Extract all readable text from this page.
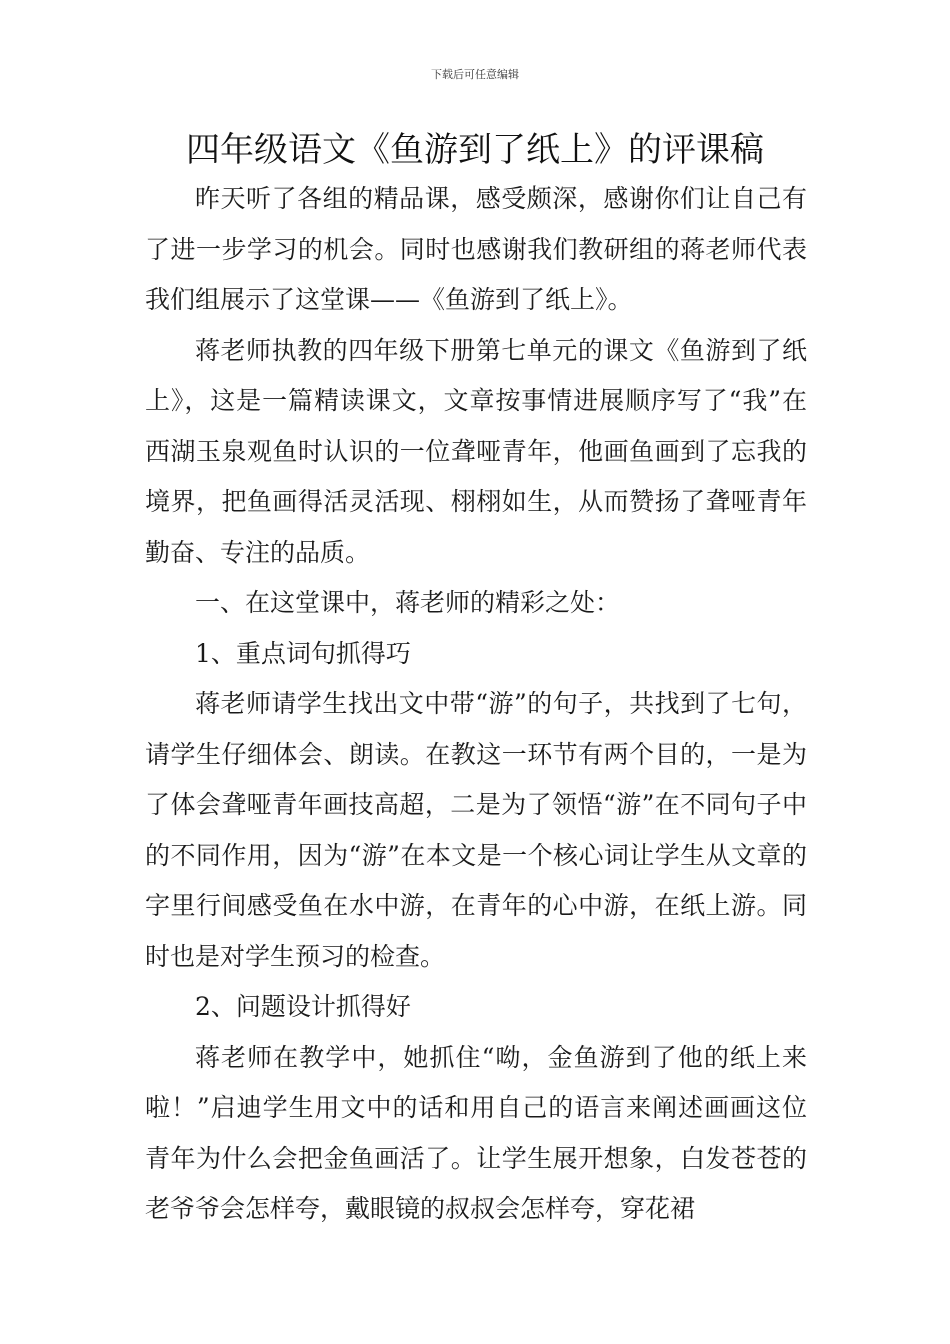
下载后可任意编辑
四年级语文《鱼游到了纸上》的评课稿

昨天听了各组的精品课，感受颇深，感谢你们让自己有了进一步学习的机会。同时也感谢我们教研组的蒋老师代表我们组展示了这堂课——《鱼游到了纸上》。

蒋老师执教的四年级下册第七单元的课文《鱼游到了纸上》，这是一篇精读课文，文章按事情进展顺序写了“我”在西湖玉泉观鱼时认识的一位聋哑青年，他画鱼画到了忘我的境界，把鱼画得活灵活现、栩栩如生，从而赞扬了聋哑青年勤奋、专注的品质。

一、在这堂课中，蒋老师的精彩之处：

1、重点词句抓得巧

蒋老师请学生找出文中带“游”的句子，共找到了七句，请学生仔细体会、朗读。在教这一环节有两个目的，一是为了体会聋哑青年画技高超，二是为了领悟“游”在不同句子中的不同作用，因为“游”在本文是一个核心词让学生从文章的字里行间感受鱼在水中游，在青年的心中游，在纸上游。同时也是对学生预习的检查。

2、问题设计抓得好

蒋老师在教学中，她抓住“呦，金鱼游到了他的纸上来啦！”启迪学生用文中的话和用自己的语言来阐述画画这位青年为什么会把金鱼画活了。让学生展开想象，白发苍苍的老爷爷会怎样夸，戴眼镜的叔叔会怎样夸，穿花裙
